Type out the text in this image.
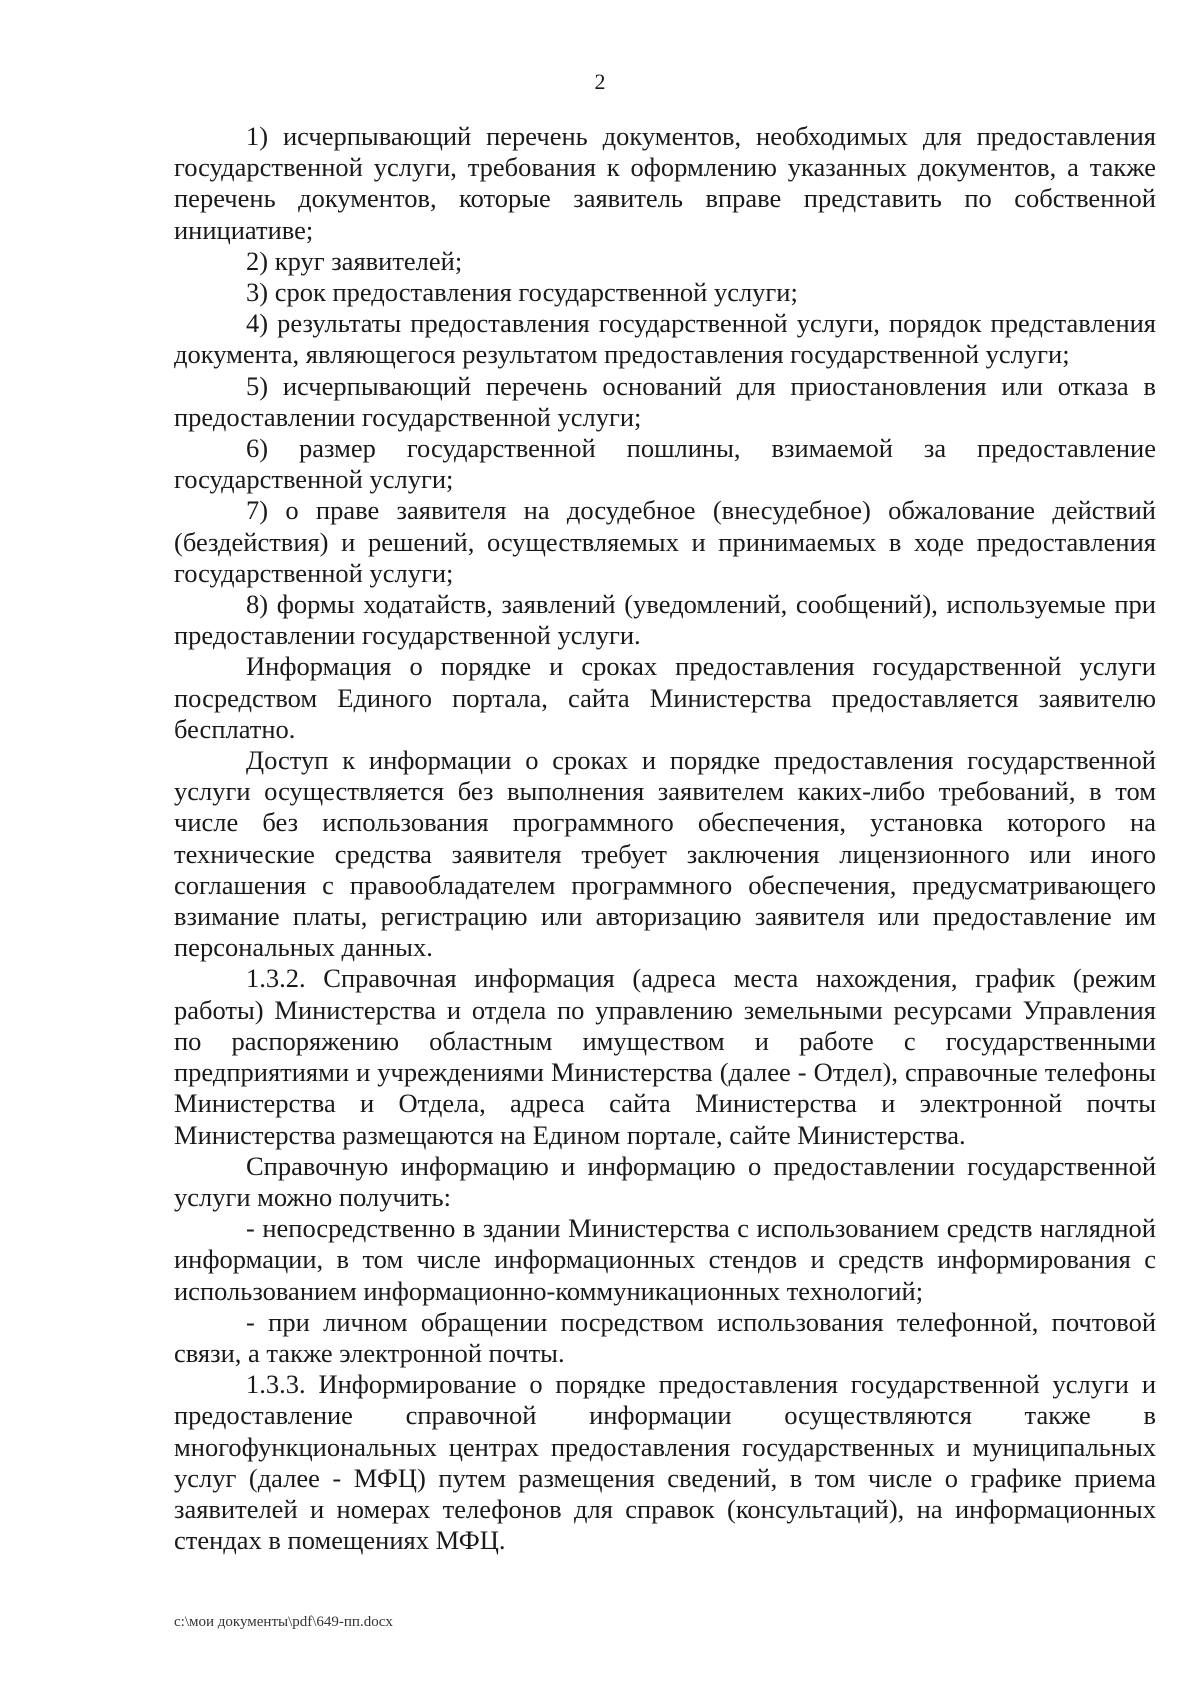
2

1) исчерпывающий перечень документов, необходимых для предоставления государственной услуги, требования к оформлению указанных документов, а также перечень документов, которые заявитель вправе представить по собственной инициативе;

2) круг заявителей;

3) срок предоставления государственной услуги;

4) результаты предоставления государственной услуги, порядок представления документа, являющегося результатом предоставления государственной услуги;

5) исчерпывающий перечень оснований для приостановления или отказа в предоставлении государственной услуги;

6) размер государственной пошлины, взимаемой за предоставление государственной услуги;

7) о праве заявителя на досудебное (внесудебное) обжалование действий (бездействия) и решений, осуществляемых и принимаемых в ходе предоставления государственной услуги;

8) формы ходатайств, заявлений (уведомлений, сообщений), используемые при предоставлении государственной услуги.

Информация о порядке и сроках предоставления государственной услуги посредством Единого портала, сайта Министерства предоставляется заявителю бесплатно.

Доступ к информации о сроках и порядке предоставления государственной услуги осуществляется без выполнения заявителем каких-либо требований, в том числе без использования программного обеспечения, установка которого на технические средства заявителя требует заключения лицензионного или иного соглашения с правообладателем программного обеспечения, предусматривающего взимание платы, регистрацию или авторизацию заявителя или предоставление им персональных данных.

1.3.2. Справочная информация (адреса места нахождения, график (режим работы) Министерства и отдела по управлению земельными ресурсами Управления по распоряжению областным имуществом и работе с государственными предприятиями и учреждениями Министерства (далее - Отдел), справочные телефоны Министерства и Отдела, адреса сайта Министерства и электронной почты Министерства размещаются на Едином портале, сайте Министерства.

Справочную информацию и информацию о предоставлении государственной услуги можно получить:

- непосредственно в здании Министерства с использованием средств наглядной информации, в том числе информационных стендов и средств информирования с использованием информационно-коммуникационных технологий;

- при личном обращении посредством использования телефонной, почтовой связи, а также электронной почты.

1.3.3. Информирование о порядке предоставления государственной услуги и предоставление справочной информации осуществляются также в многофункциональных центрах предоставления государственных и муниципальных услуг (далее - МФЦ) путем размещения сведений, в том числе о графике приема заявителей и номерах телефонов для справок (консультаций), на информационных стендах в помещениях МФЦ.

c:\мои документы\pdf\649-пп.docx
